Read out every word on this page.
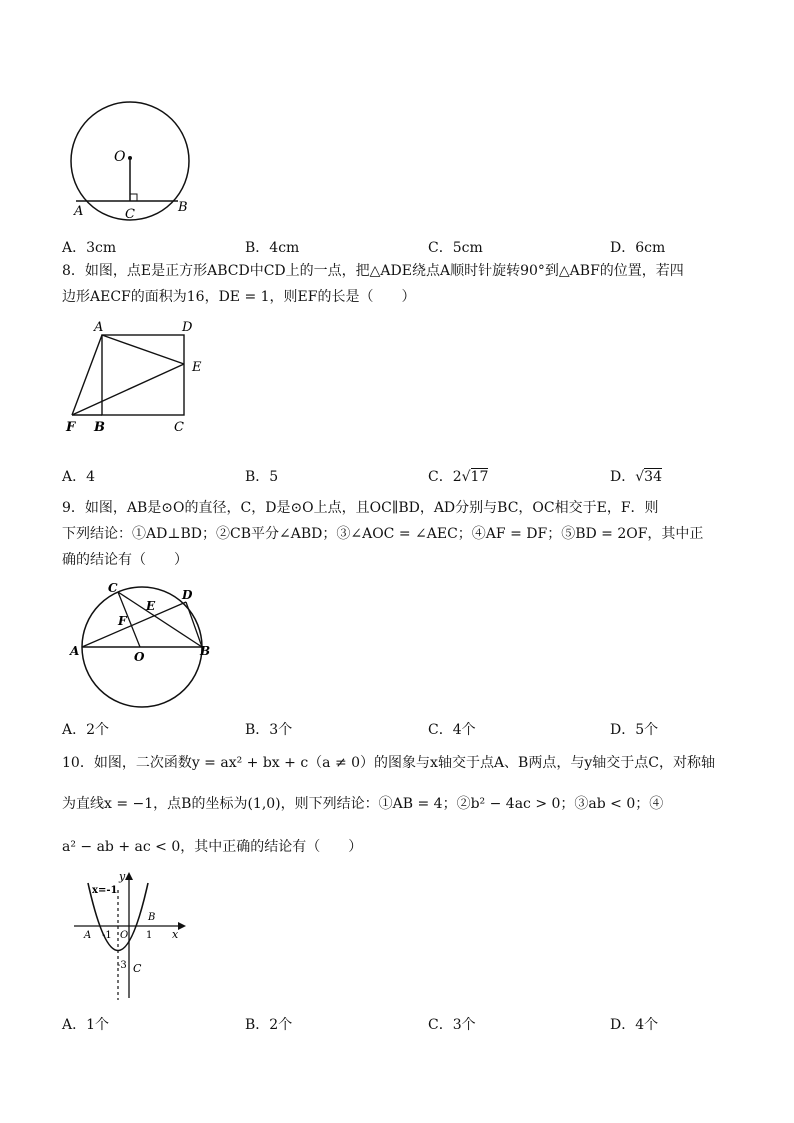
O
A	C	B
A．3cm	B．4cm	C．5cm	D．6cm
8．如图，点E是正方形ABCD中CD上的一点，把△ADE绕点A顺时针旋转90°到△ABF的位置，若四
边形AECF的面积为16，DE = 1，则EF的长是（　　）
A	D
E
F B	C
A．4	B．5	C．2√17	D．√34
9．如图，AB是⊙O的直径，C，D是⊙O上点，且OC∥BD，AD分别与BC，OC相交于E，F．则
下列结论：①AD⊥BD；②CB平分∠ABD；③∠AOC = ∠AEC；④AF = DF；⑤BD = 2OF，其中正
确的结论有（　　）
C
E
D
F
A	O	B
A．2个	B．3个	C．4个	D．5个
10．如图，二次函数y = ax² + bx + c（a ≠ 0）的图象与x轴交于点A、B两点，与y轴交于点C，对称轴
为直线x = −1，点B的坐标为(1,0)，则下列结论：①AB = 4；②b² − 4ac > 0；③ab < 0；④
a² − ab + ac < 0，其中正确的结论有（　　）
x=-1
y
x
A
B
-1 O 1
-3 C
A．1个	B．2个	C．3个	D．4个
